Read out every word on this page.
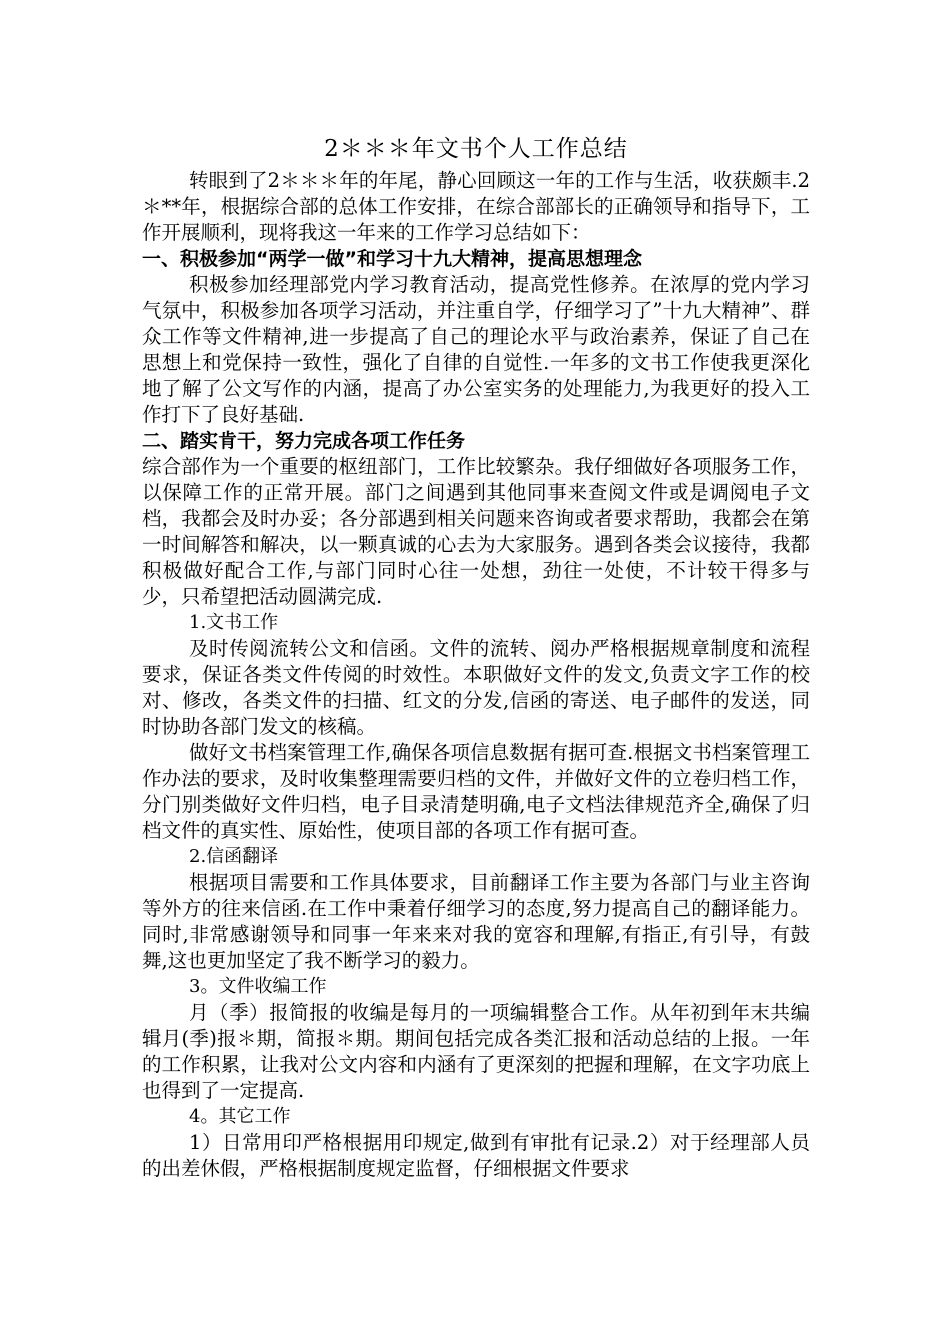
2＊＊＊年文书个人工作总结

转眼到了2＊＊＊年的年尾，静心回顾这一年的工作与生活，收获颇丰.2＊**年，根据综合部的总体工作安排，在综合部部长的正确领导和指导下，工作开展顺利，现将我这一年来的工作学习总结如下：

一、积极参加“两学一做”和学习十九大精神，提高思想理念

积极参加经理部党内学习教育活动，提高党性修养。在浓厚的党内学习气氛中，积极参加各项学习活动，并注重自学，仔细学习了”十九大精神”、群众工作等文件精神,进一步提高了自己的理论水平与政治素养，保证了自己在思想上和党保持一致性，强化了自律的自觉性.一年多的文书工作使我更深化地了解了公文写作的内涵，提高了办公室实务的处理能力,为我更好的投入工作打下了良好基础.

二、踏实肯干，努力完成各项工作任务

综合部作为一个重要的枢纽部门，工作比较繁杂。我仔细做好各项服务工作，以保障工作的正常开展。部门之间遇到其他同事来查阅文件或是调阅电子文档，我都会及时办妥；各分部遇到相关问题来咨询或者要求帮助，我都会在第一时间解答和解决，以一颗真诚的心去为大家服务。遇到各类会议接待，我都积极做好配合工作,与部门同时心往一处想，劲往一处使，不计较干得多与少，只希望把活动圆满完成.

1.文书工作

及时传阅流转公文和信函。文件的流转、阅办严格根据规章制度和流程要求，保证各类文件传阅的时效性。本职做好文件的发文,负责文字工作的校对、修改，各类文件的扫描、红文的分发,信函的寄送、电子邮件的发送，同时协助各部门发文的核稿。

做好文书档案管理工作,确保各项信息数据有据可查.根据文书档案管理工作办法的要求，及时收集整理需要归档的文件，并做好文件的立卷归档工作，分门别类做好文件归档，电子目录清楚明确,电子文档法律规范齐全,确保了归档文件的真实性、原始性，使项目部的各项工作有据可查。

2.信函翻译

根据项目需要和工作具体要求，目前翻译工作主要为各部门与业主咨询等外方的往来信函.在工作中秉着仔细学习的态度,努力提高自己的翻译能力。同时,非常感谢领导和同事一年来来对我的宽容和理解,有指正,有引导，有鼓舞,这也更加坚定了我不断学习的毅力。

3。文件收编工作

月（季）报简报的收编是每月的一项编辑整合工作。从年初到年末共编辑月(季)报＊期，简报＊期。期间包括完成各类汇报和活动总结的上报。一年的工作积累，让我对公文内容和内涵有了更深刻的把握和理解，在文字功底上也得到了一定提高.

4。其它工作

1）日常用印严格根据用印规定,做到有审批有记录.2）对于经理部人员的出差休假，严格根据制度规定监督，仔细根据文件要求
